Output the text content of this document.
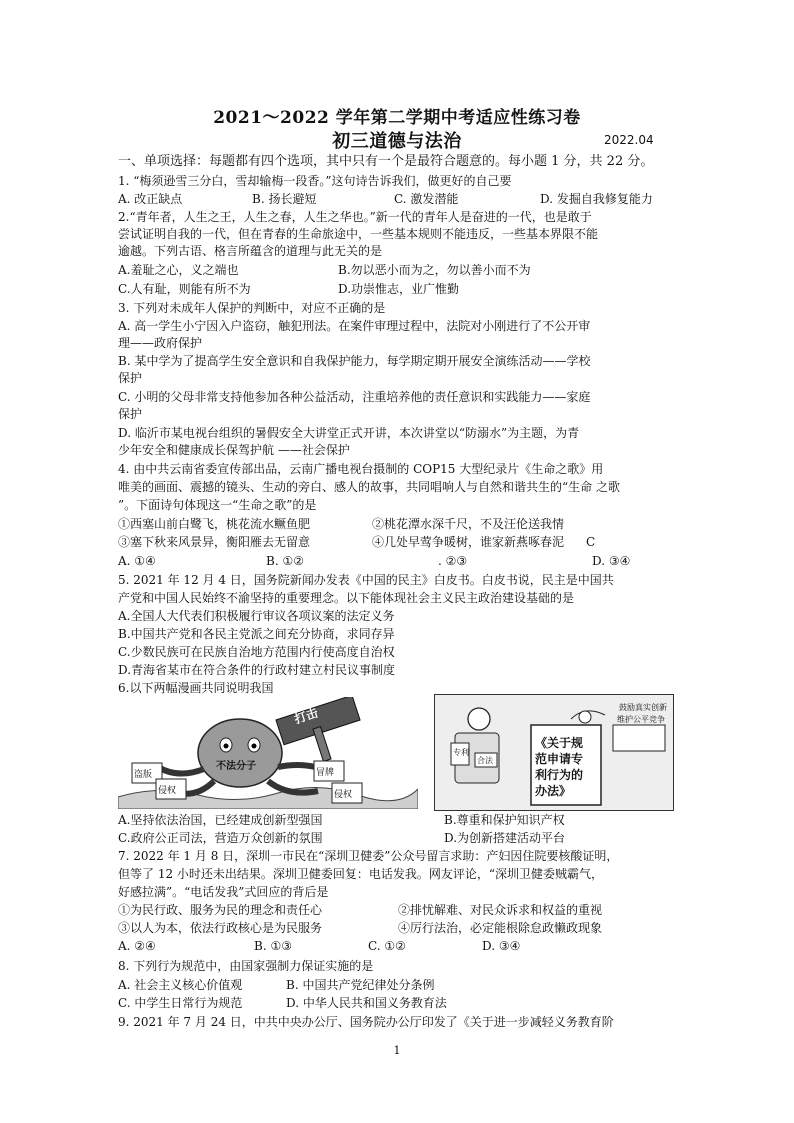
2021～2022 学年第二学期中考适应性练习卷
初三道德与法治	2022.04
一、单项选择：每题都有四个选项，其中只有一个是最符合题意的。每小题 1 分，共 22 分。
1. “梅须逊雪三分白，雪却输梅一段香。”这句诗告诉我们，做更好的自己要
A. 改正缺点	B. 扬长避短	C. 激发潜能	D. 发掘自我修复能力
2.“青年者，人生之王，人生之春，人生之华也。”新一代的青年人是奋进的一代，也是敢于
尝试证明自我的一代，但在青春的生命旅途中，一些基本规则不能违反，一些基本界限不能
逾越。下列古语、格言所蕴含的道理与此无关的是
A.羞耻之心，义之端也	B.勿以恶小而为之，勿以善小而不为
C.人有耻，则能有所不为	D.功崇惟志，业广惟勤
3. 下列对未成年人保护的判断中，对应不正确的是
A. 高一学生小宁因入户盗窃，触犯刑法。在案件审理过程中，法院对小刚进行了不公开审
理——政府保护
B. 某中学为了提高学生安全意识和自我保护能力，每学期定期开展安全演练活动——学校
保护
C. 小明的父母非常支持他参加各种公益活动，注重培养他的责任意识和实践能力——家庭
保护
D. 临沂市某电视台组织的暑假安全大讲堂正式开讲，本次讲堂以“防溺水”为主题，为青
少年安全和健康成长保驾护航 ——社会保护
4. 由中共云南省委宣传部出品，云南广播电视台摄制的 COP15 大型纪录片《生命之歌》用
唯美的画面、震撼的镜头、生动的旁白、感人的故事，共同唱响人与自然和谐共生的“生命 之歌
”。下面诗句体现这一“生命之歌”的是
①西塞山前白鹭飞，桃花流水鳜鱼肥	②桃花潭水深千尺，不及汪伦送我情
③塞下秋来风景异，衡阳雁去无留意	④几处早莺争暖树，谁家新燕啄春泥 C
A. ①④	B. ①②	. ②③	D. ③④
5. 2021 年 12 月 4 日，国务院新闻办发表《中国的民主》白皮书。白皮书说，民主是中国共
产党和中国人民始终不渝坚持的重要理念。以下能体现社会主义民主政治建设基础的是
A.全国人大代表们积极履行审议各项议案的法定义务
B.中国共产党和各民主党派之间充分协商，求同存异
C.少数民族可在民族自治地方范围内行使高度自治权
D.青海省某市在符合条件的行政村建立村民议事制度
6.以下两幅漫画共同说明我国
打击
不法分子
盗版
侵权
冒牌
侵权
鼓励真实创新
维护公平竞争
专利
合法
《关于规
范申请专
利行为的
办法》
A.坚持依法治国，已经建成创新型强国	B.尊重和保护知识产权
C.政府公正司法，营造万众创新的氛围	D.为创新搭建活动平台
7. 2022 年 1 月 8 日，深圳一市民在“深圳卫健委”公众号留言求助：产妇因住院要核酸证明，
但等了 12 小时还未出结果。深圳卫健委回复：电话发我。网友评论，“深圳卫健委贼霸气，
好感拉满”。“电话发我”式回应的背后是
①为民行政、服务为民的理念和责任心	②排忧解难、对民众诉求和权益的重视
③以人为本，依法行政核心是为民服务	④厉行法治，必定能根除怠政懒政现象
A. ②④	B. ①③	C. ①②	D. ③④
8. 下列行为规范中，由国家强制力保证实施的是
A. 社会主义核心价值观	B. 中国共产党纪律处分条例
C. 中学生日常行为规范	D. 中华人民共和国义务教育法
9. 2021 年 7 月 24 日，中共中央办公厅、国务院办公厅印发了《关于进一步减轻义务教育阶
1
